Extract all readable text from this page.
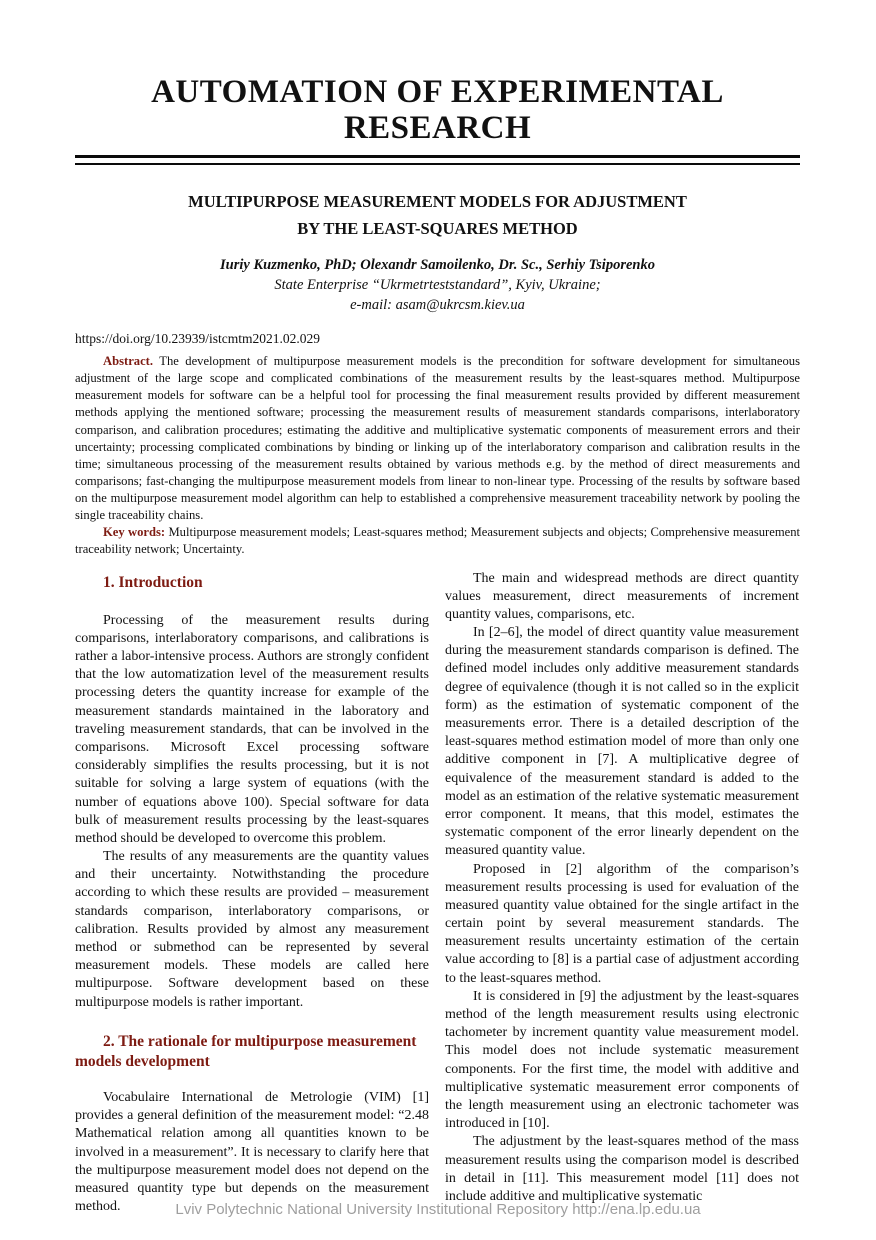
AUTOMATION OF EXPERIMENTAL RESEARCH
MULTIPURPOSE MEASUREMENT MODELS FOR ADJUSTMENT
BY THE LEAST-SQUARES METHOD
Iuriy Kuzmenko, PhD; Olexandr Samoilenko, Dr. Sc., Serhiy Tsiporenko
State Enterprise “Ukrmetrteststandard”, Kyiv, Ukraine;
e-mail: asam@ukrcsm.kiev.ua
https://doi.org/10.23939/istcmtm2021.02.029

Abstract. The development of multipurpose measurement models is the precondition for software development for simultaneous adjustment of the large scope and complicated combinations of the measurement results by the least-squares method. Multipurpose measurement models for software can be a helpful tool for processing the final measurement results provided by different measurement methods applying the mentioned software; processing the measurement results of measurement standards comparisons, interlaboratory comparison, and calibration procedures; estimating the additive and multiplicative systematic components of measurement errors and their uncertainty; processing complicated combinations by binding or linking up of the interlaboratory comparison and calibration results in the time; simultaneous processing of the measurement results obtained by various methods e.g. by the method of direct measurements and comparisons; fast-changing the multipurpose measurement models from linear to non-linear type. Processing of the results by software based on the multipurpose measurement model algorithm can help to established a comprehensive measurement traceability network by pooling the single traceability chains.

Key words: Multipurpose measurement models; Least-squares method; Measurement subjects and objects; Comprehensive measurement traceability network; Uncertainty.

1. Introduction

Processing of the measurement results during comparisons, interlaboratory comparisons, and calibrations is rather a labor-intensive process. Authors are strongly confident that the low automatization level of the measurement results processing deters the quantity increase for example of the measurement standards maintained in the laboratory and traveling measurement standards, that can be involved in the comparisons. Microsoft Excel processing software considerably simplifies the results processing, but it is not suitable for solving a large system of equations (with the number of equations above 100). Special software for data bulk of measurement results processing by the least-squares method should be developed to overcome this problem.

The results of any measurements are the quantity values and their uncertainty. Notwithstanding the procedure according to which these results are provided – measurement standards comparison, interlaboratory comparisons, or calibration. Results provided by almost any measurement method or submethod can be represented by several measurement models. These models are called here multipurpose. Software development based on these multipurpose models is rather important.

2. The rationale for multipurpose measurement models development

Vocabulaire International de Metrologie (VIM) [1] provides a general definition of the measurement model: “2.48 Mathematical relation among all quantities known to be involved in a measurement”. It is necessary to clarify here that the multipurpose measurement model does not depend on the measured quantity type but depends on the measurement method.

The main and widespread methods are direct quantity values measurement, direct measurements of increment quantity values, comparisons, etc.

In [2–6], the model of direct quantity value measurement during the measurement standards comparison is defined. The defined model includes only additive measurement standards degree of equivalence (though it is not called so in the explicit form) as the estimation of systematic component of the measurements error. There is a detailed description of the least-squares method estimation model of more than only one additive component in [7]. A multiplicative degree of equivalence of the measurement standard is added to the model as an estimation of the relative systematic measurement error component. It means, that this model, estimates the systematic component of the error linearly dependent on the measured quantity value.

Proposed in [2] algorithm of the comparison’s measurement results processing is used for evaluation of the measured quantity value obtained for the single artifact in the certain point by several measurement standards. The measurement results uncertainty estimation of the certain value according to [8] is a partial case of adjustment according to the least-squares method.

It is considered in [9] the adjustment by the least-squares method of the length measurement results using electronic tachometer by increment quantity value measurement model. This model does not include systematic measurement components. For the first time, the model with additive and multiplicative systematic measurement error components of the length measurement using an electronic tachometer was introduced in [10].

The adjustment by the least-squares method of the mass measurement results using the comparison model is described in detail in [11]. This measurement model [11] does not include additive and multiplicative systematic

Lviv Polytechnic National University Institutional Repository http://ena.lp.edu.ua
